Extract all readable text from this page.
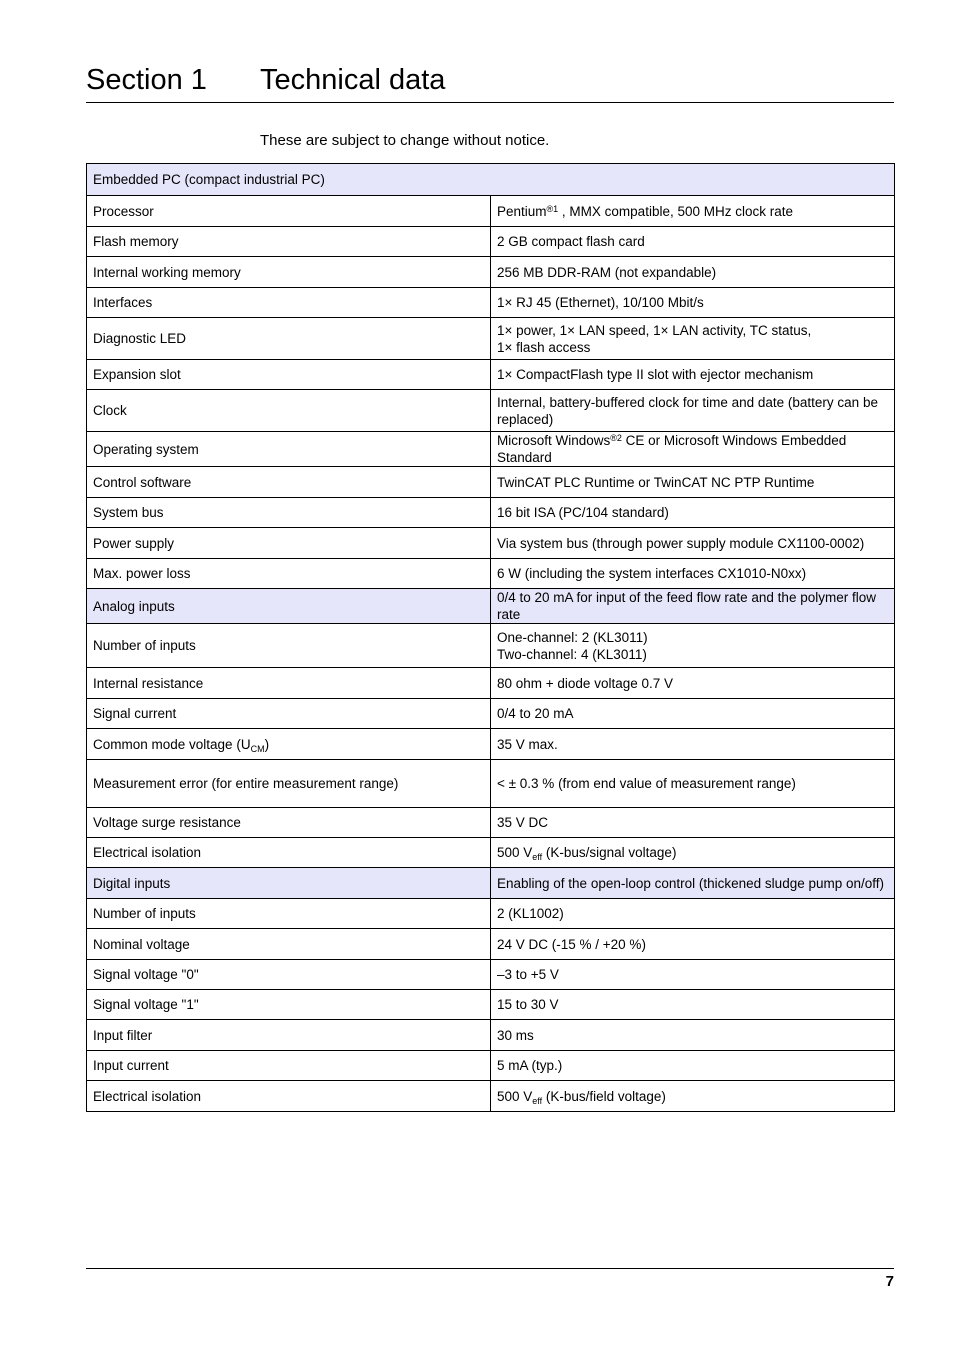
Section 1 Technical data
These are subject to change without notice.
Embedded PC (compact industrial PC)	
Processor	Pentium$^{®1}$ , MMX compatible, 500 MHz clock rate
Flash memory	2 GB compact flash card
Internal working memory	256 MB DDR-RAM (not expandable)
Interfaces	1× RJ 45 (Ethernet), 10/100 Mbit/s
Diagnostic LED	1× power, 1× LAN speed, 1× LAN activity, TC status,
1× flash access

Expansion slot	1× CompactFlash type II slot with ejector mechanism
Clock	Internal, battery-buffered clock for time and date (battery can be replaced)
Operating system	Microsoft Windows$^{®2}$ CE or Microsoft Windows Embedded Standard
Control software	TwinCAT PLC Runtime or TwinCAT NC PTP Runtime
System bus	16 bit ISA (PC/104 standard)
Power supply	Via system bus (through power supply module CX1100-0002)
Max. power loss	6 W (including the system interfaces CX1010-N0xx)
Analog inputs	0/4 to 20 mA for input of the feed flow rate and the polymer flow rate
Number of inputs	One-channel: 2 (KL3011)
Two-channel: 4 (KL3011)

Internal resistance	80 ohm + diode voltage 0.7 V
Signal current	0/4 to 20 mA
Common mode voltage $(U_{CM})$	35 V max.
Measurement error (for entire measurement range)	< ± 0.3 % (from end value of measurement range)
Voltage surge resistance	35 V DC
Electrical isolation	500 $V_{eff}$ (K-bus/signal voltage)
Digital inputs	Enabling of the open-loop control (thickened sludge pump on/off)
Number of inputs	2 (KL1002)
Nominal voltage	24 V DC (-15 % / +20 %)
Signal voltage "0"	–3 to +5 V
Signal voltage "1"	15 to 30 V
Input filter	30 ms
Input current	5 mA (typ.)
Electrical isolation	500 $V_{eff}$ (K-bus/field voltage)
7
